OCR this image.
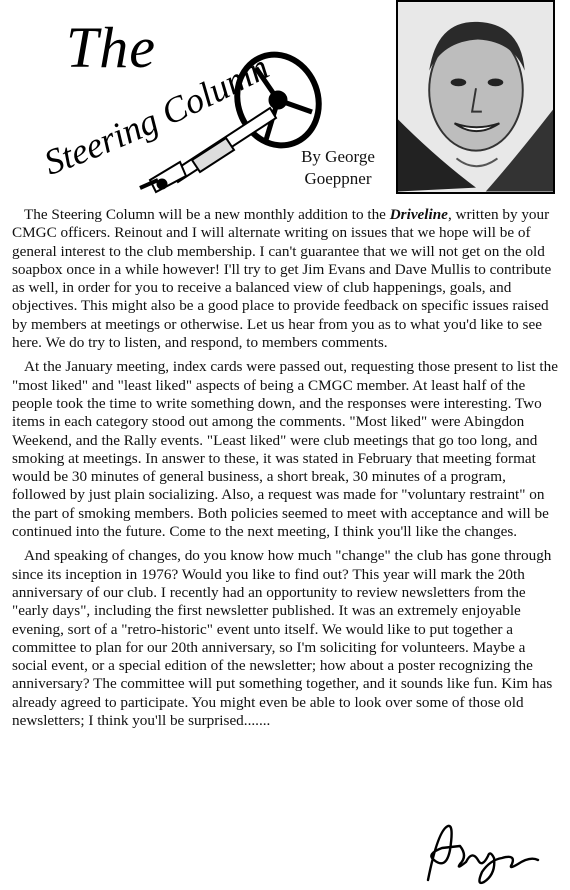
The
Steering Column
By George
Goeppner

The Steering Column will be a new monthly addition to the Driveline, written by your CMGC officers. Reinout and I will alternate writing on issues that we hope will be of general interest to the club membership. I can't guarantee that we will not get on the old soapbox once in a while however! I'll try to get Jim Evans and Dave Mullis to contribute as well, in order for you to receive a balanced view of club happenings, goals, and objectives. This might also be a good place to provide feedback on specific issues raised by members at meetings or otherwise. Let us hear from you as to what you'd like to see here. We do try to listen, and respond, to members comments.

At the January meeting, index cards were passed out, requesting those present to list the "most liked" and "least liked" aspects of being a CMGC member. At least half of the people took the time to write something down, and the responses were interesting. Two items in each category stood out among the comments. "Most liked" were Abingdon Weekend, and the Rally events. "Least liked" were club meetings that go too long, and smoking at meetings. In answer to these, it was stated in February that meeting format would be 30 minutes of general business, a short break, 30 minutes of a program, followed by just plain socializing. Also, a request was made for "voluntary restraint" on the part of smoking members. Both policies seemed to meet with acceptance and will be continued into the future. Come to the next meeting, I think you'll like the changes.

And speaking of changes, do you know how much "change" the club has gone through since its inception in 1976? Would you like to find out? This year will mark the 20th anniversary of our club. I recently had an opportunity to review newsletters from the "early days", including the first newsletter published. It was an extremely enjoyable evening, sort of a "retro-historic" event unto itself. We would like to put together a committee to plan for our 20th anniversary, so I'm soliciting for volunteers. Maybe a social event, or a special edition of the newsletter; how about a poster recognizing the anniversary? The committee will put something together, and it sounds like fun. Kim has already agreed to participate. You might even be able to look over some of those old newsletters; I think you'll be surprised.......
